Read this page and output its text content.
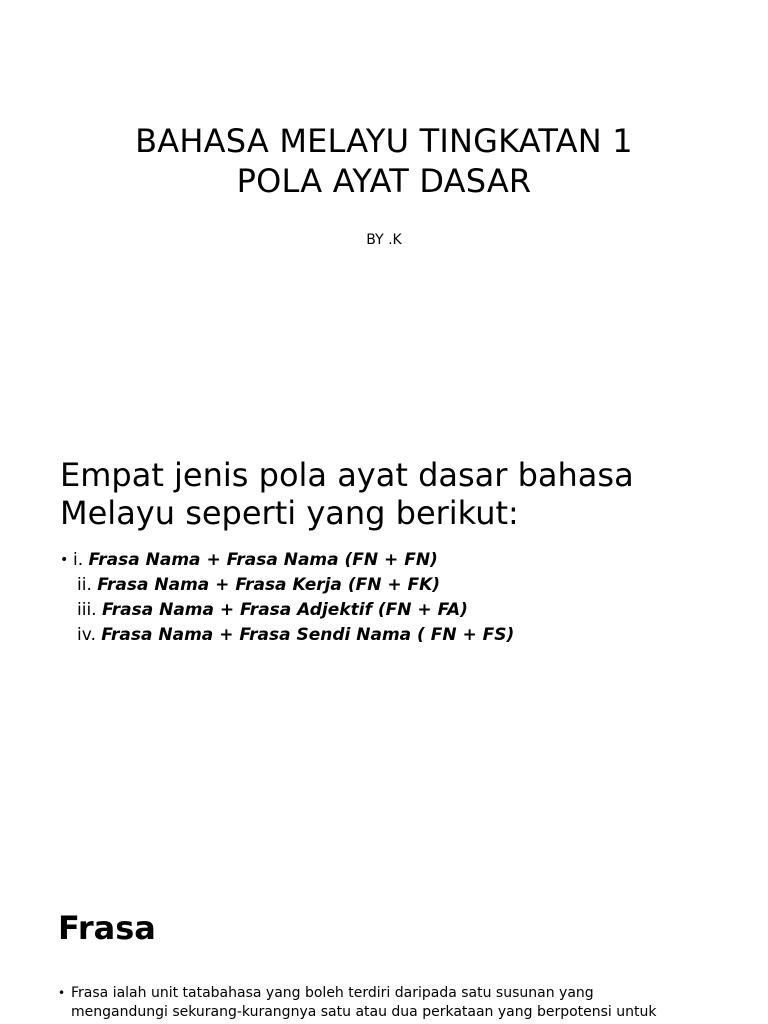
BAHASA MELAYU TINGKATAN 1
POLA AYAT DASAR
BY .K
Empat jenis pola ayat dasar bahasa
Melayu seperti yang berikut:
• i. Frasa Nama + Frasa Nama (FN + FN)
ii. Frasa Nama + Frasa Kerja (FN + FK)
iii. Frasa Nama + Frasa Adjektif (FN + FA)
iv. Frasa Nama + Frasa Sendi Nama ( FN + FS)
Frasa
• Frasa ialah unit tatabahasa yang boleh terdiri daripada satu susunan yang
mengandungi sekurang-kurangnya satu atau dua perkataan yang berpotensi untuk
